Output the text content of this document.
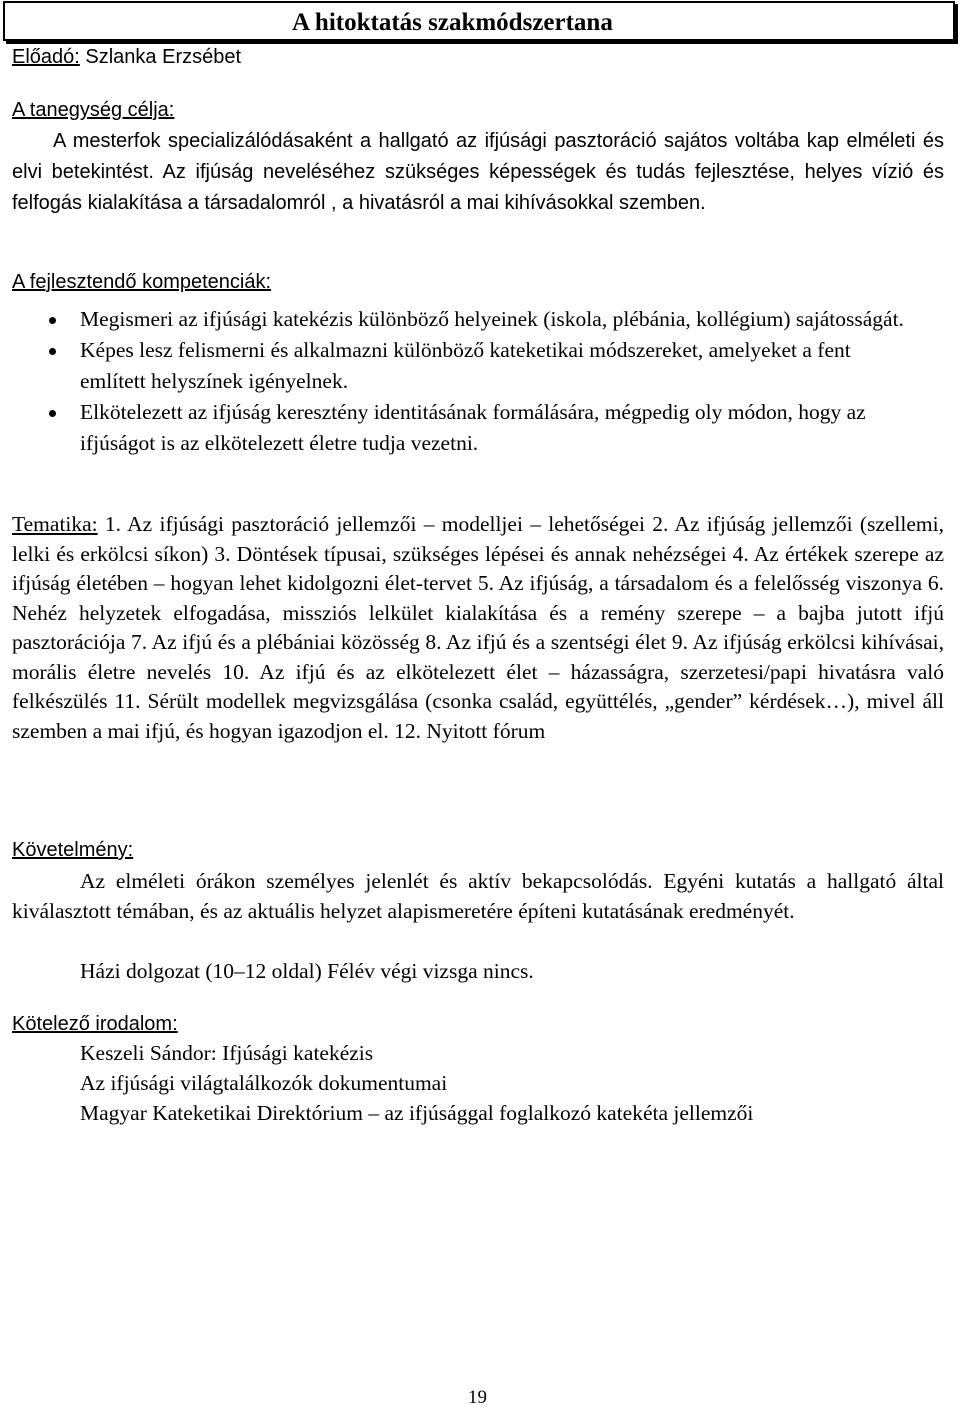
A hitoktatás szakmódszertana
Előadó: Szlanka Erzsébet
A tanegység célja:
A mesterfok specializálódásaként a hallgató az ifjúsági pasztoráció sajátos voltába kap elméleti és elvi betekintést. Az ifjúság neveléséhez szükséges képességek és tudás fejlesztése, helyes vízió és felfogás kialakítása a társadalomról , a hivatásról a mai kihívásokkal szemben.
A fejlesztendő kompetenciák:
Megismeri az ifjúsági katekézis különböző helyeinek (iskola, plébánia, kollégium) sajátosságát.
Képes lesz felismerni és alkalmazni különböző kateketikai módszereket, amelyeket a fent említett helyszínek igényelnek.
Elkötelezett az ifjúság keresztény identitásának formálására, mégpedig oly módon, hogy az ifjúságot is az elkötelezett életre tudja vezetni.
Tematika: 1. Az ifjúsági pasztoráció jellemzői – modelljei – lehetőségei 2. Az ifjúság jellemzői (szellemi, lelki és erkölcsi síkon) 3. Döntések típusai, szükséges lépései és annak nehézségei 4. Az értékek szerepe az ifjúság életében – hogyan lehet kidolgozni élet-tervet 5. Az ifjúság, a társadalom és a felelősség viszonya 6. Nehéz helyzetek elfogadása, missziós lelkület kialakítása és a remény szerepe – a bajba jutott ifjú pasztorációja 7. Az ifjú és a plébániai közösség 8. Az ifjú és a szentségi élet 9. Az ifjúság erkölcsi kihívásai, morális életre nevelés 10. Az ifjú és az elkötelezett élet – házasságra, szerzetesi/papi hivatásra való felkészülés 11. Sérült modellek megvizsgálása (csonka család, együttélés, „gender” kérdések…), mivel áll szemben a mai ifjú, és hogyan igazodjon el. 12. Nyitott fórum
Követelmény:
Az elméleti órákon személyes jelenlét és aktív bekapcsolódás. Egyéni kutatás a hallgató által kiválasztott témában, és az aktuális helyzet alapismeretére építeni kutatásának eredményét.
Házi dolgozat (10–12 oldal) Félév végi vizsga nincs.
Kötelező irodalom:
Keszeli Sándor: Ifjúsági katekézis
Az ifjúsági világtalálkozók dokumentumai
Magyar Kateketikai Direktórium – az ifjúsággal foglalkozó katekéta jellemzői
19
